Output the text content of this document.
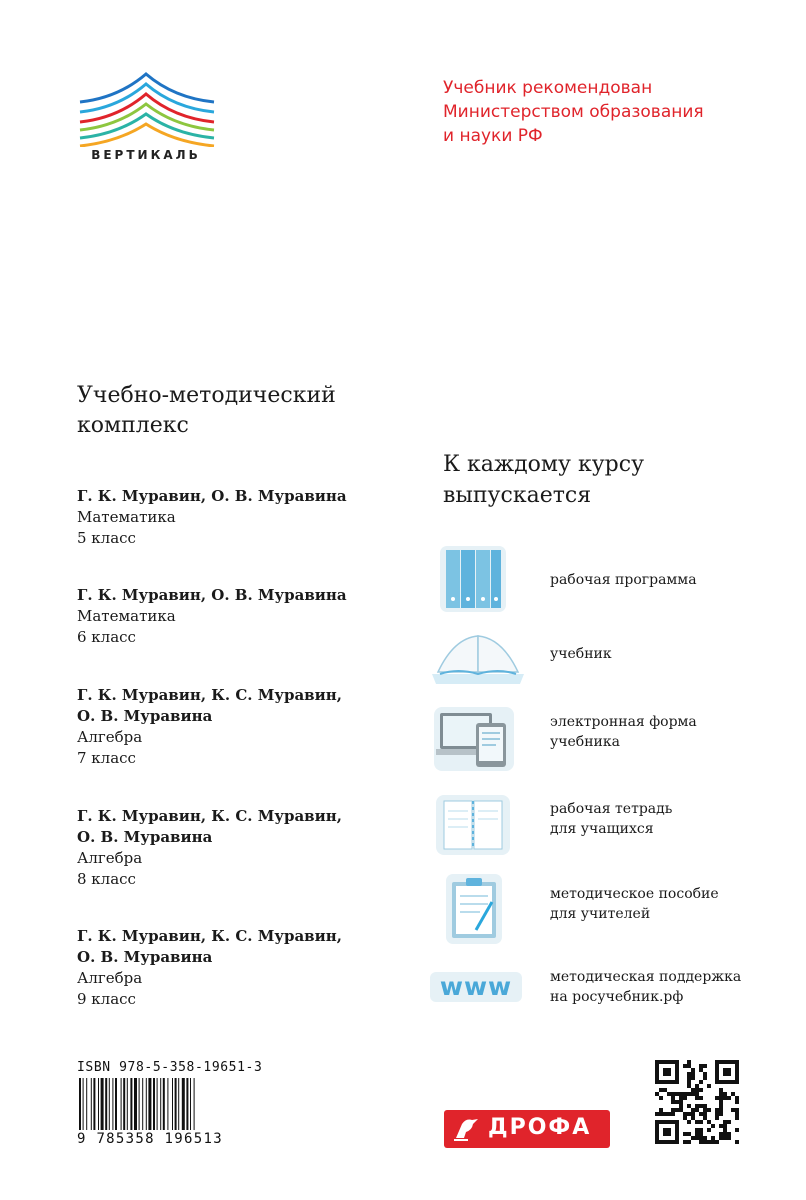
ВЕРТИКАЛЬ
Учебник рекомендован
Министерством образования
и науки РФ
Учебно-методический
комплекс
Г. К. Муравин, О. В. Муравина
Математика
5 класс
Г. К. Муравин, О. В. Муравина
Математика
6 класс
Г. К. Муравин, К. С. Муравин,
О. В. Муравина
Алгебра
7 класс
Г. К. Муравин, К. С. Муравин,
О. В. Муравина
Алгебра
8 класс
Г. К. Муравин, К. С. Муравин,
О. В. Муравина
Алгебра
9 класс
К каждому курсу
выпускается
рабочая программа
учебник
электронная форма
учебника
рабочая тетрадь
для учащихся
методическое пособие
для учителей
www	методическая поддержка
на росучебник.рф
ISBN 978-5-358-19651-3
9 785358 196513	ДРОФА
